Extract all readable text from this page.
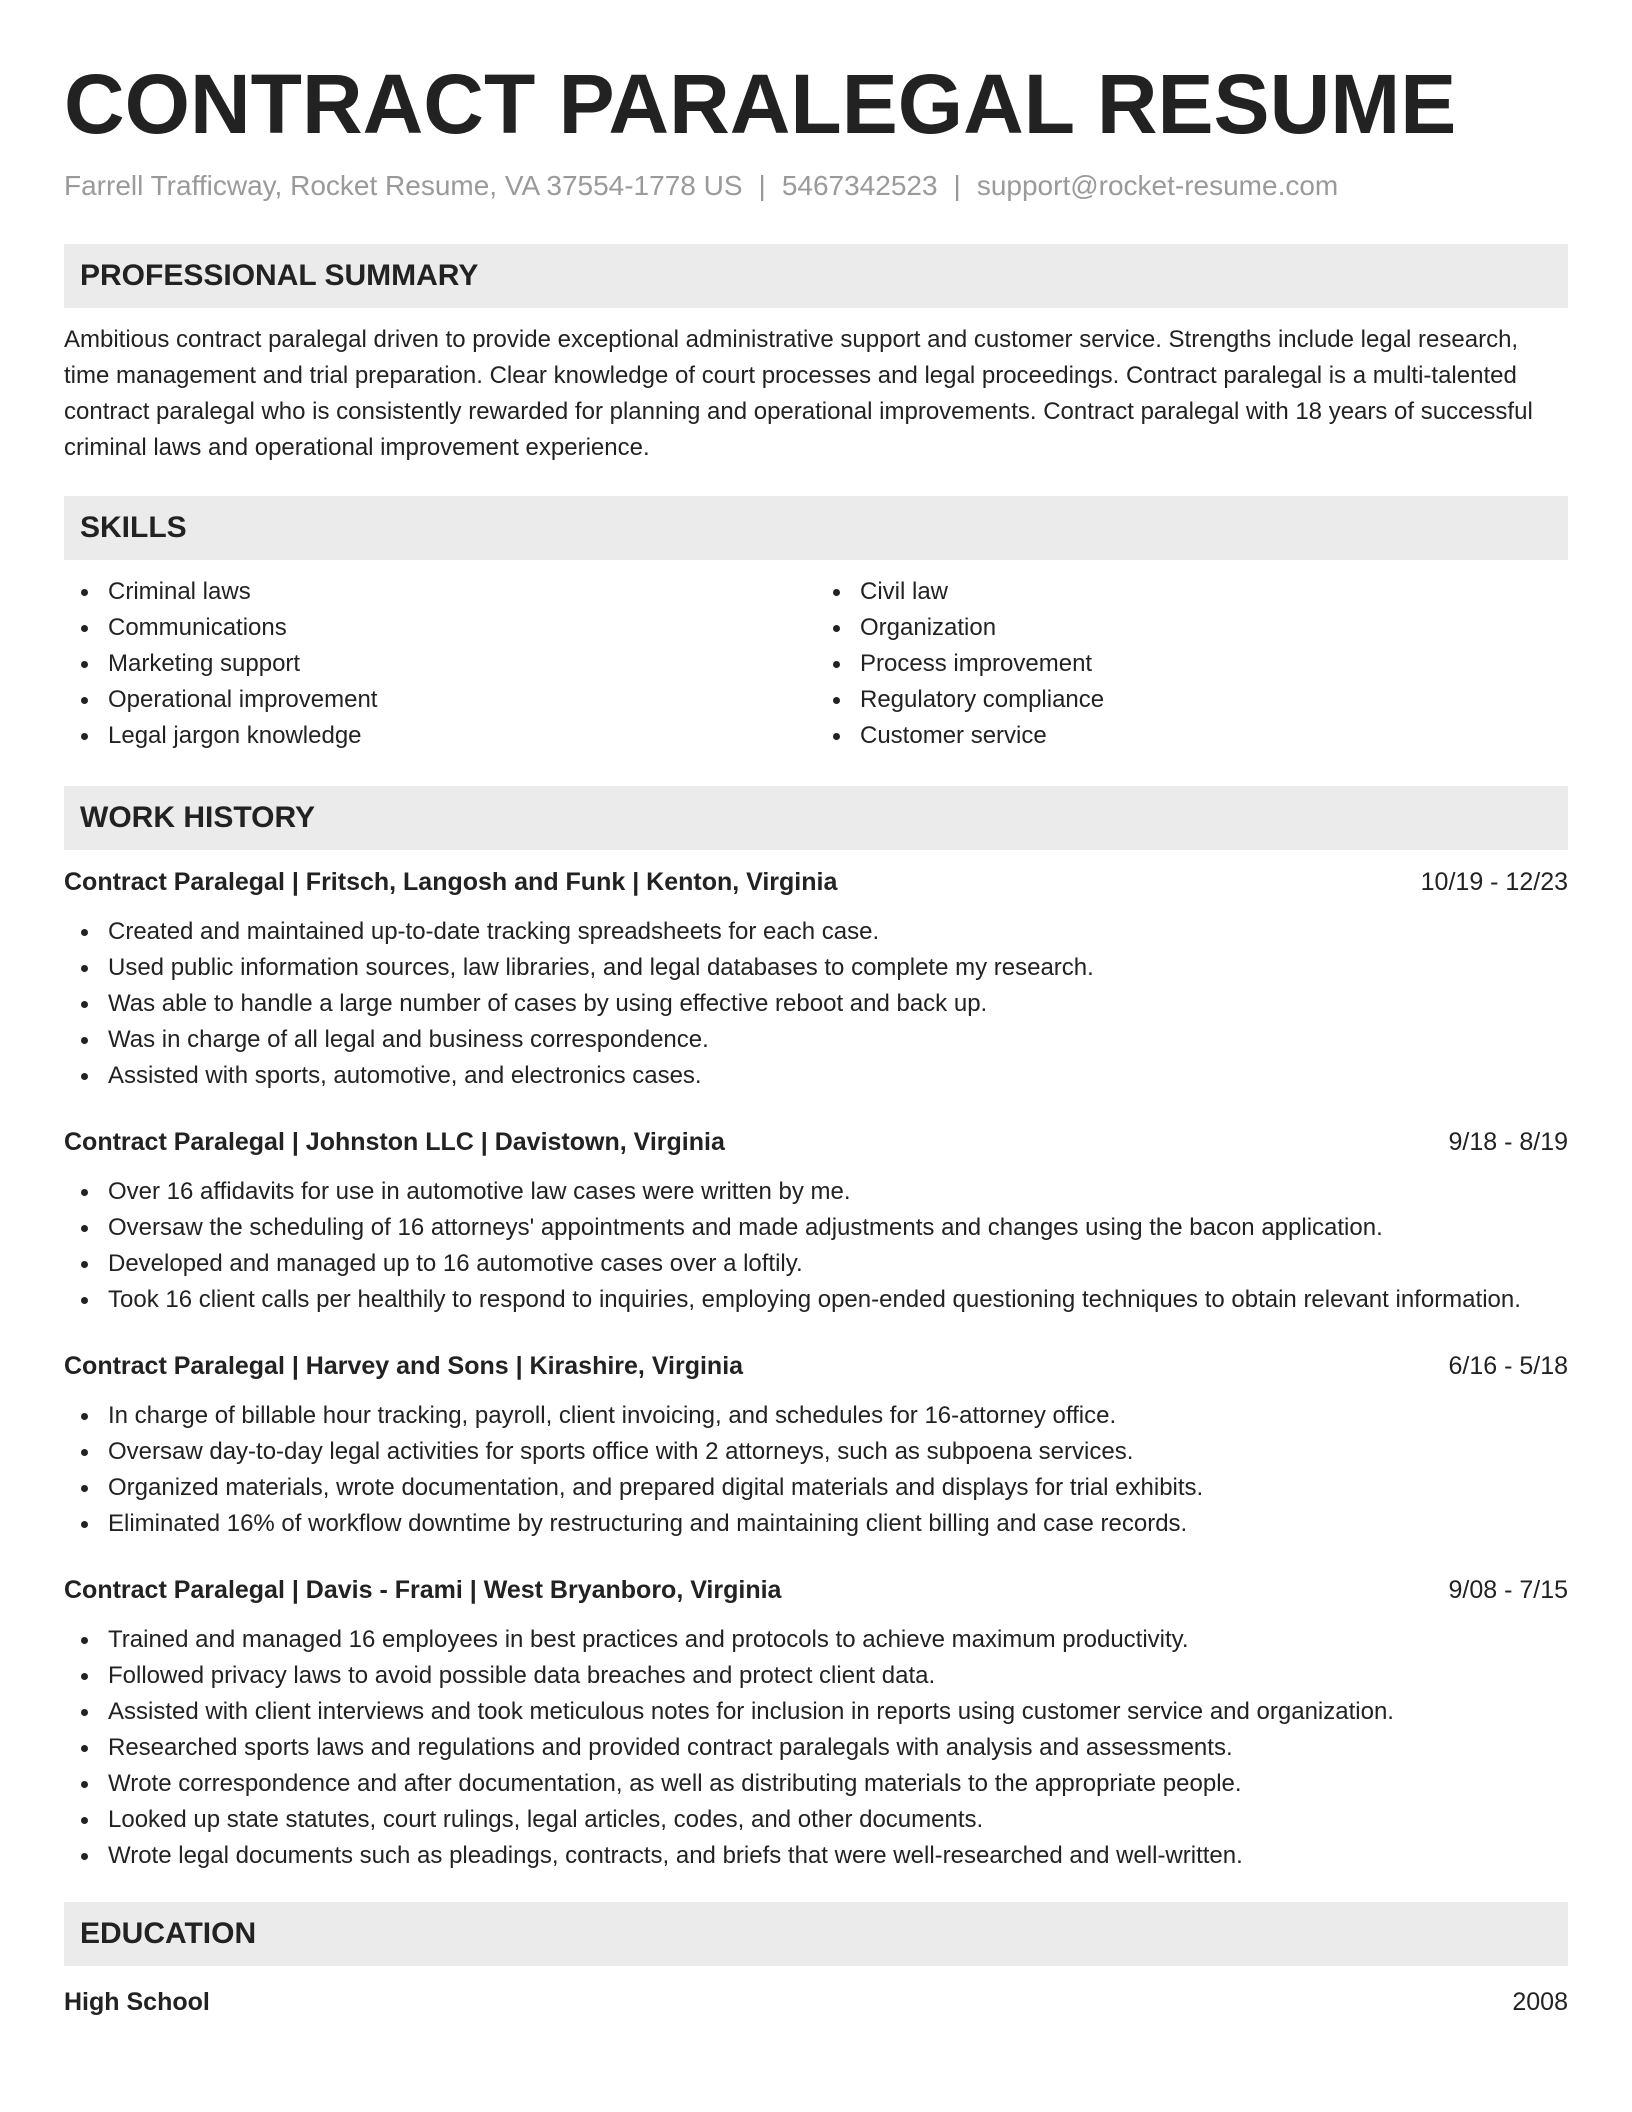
CONTRACT PARALEGAL RESUME
Farrell Trafficway, Rocket Resume, VA 37554-1778 US | 5467342523 | support@rocket-resume.com
PROFESSIONAL SUMMARY

Ambitious contract paralegal driven to provide exceptional administrative support and customer service. Strengths include legal research, time management and trial preparation. Clear knowledge of court processes and legal proceedings. Contract paralegal is a multi-talented contract paralegal who is consistently rewarded for planning and operational improvements. Contract paralegal with 18 years of successful criminal laws and operational improvement experience.

SKILLS
Criminal laws
Communications
Marketing support
Operational improvement
Legal jargon knowledge
Civil law
Organization
Process improvement
Regulatory compliance
Customer service
WORK HISTORY
Contract Paralegal | Fritsch, Langosh and Funk | Kenton, Virginia	10/19 - 12/23
Created and maintained up-to-date tracking spreadsheets for each case.
Used public information sources, law libraries, and legal databases to complete my research.
Was able to handle a large number of cases by using effective reboot and back up.
Was in charge of all legal and business correspondence.
Assisted with sports, automotive, and electronics cases.
Contract Paralegal | Johnston LLC | Davistown, Virginia	9/18 - 8/19
Over 16 affidavits for use in automotive law cases were written by me.
Oversaw the scheduling of 16 attorneys' appointments and made adjustments and changes using the bacon application.
Developed and managed up to 16 automotive cases over a loftily.
Took 16 client calls per healthily to respond to inquiries, employing open-ended questioning techniques to obtain relevant information.
Contract Paralegal | Harvey and Sons | Kirashire, Virginia	6/16 - 5/18
In charge of billable hour tracking, payroll, client invoicing, and schedules for 16-attorney office.
Oversaw day-to-day legal activities for sports office with 2 attorneys, such as subpoena services.
Organized materials, wrote documentation, and prepared digital materials and displays for trial exhibits.
Eliminated 16% of workflow downtime by restructuring and maintaining client billing and case records.
Contract Paralegal | Davis - Frami | West Bryanboro, Virginia	9/08 - 7/15
Trained and managed 16 employees in best practices and protocols to achieve maximum productivity.
Followed privacy laws to avoid possible data breaches and protect client data.
Assisted with client interviews and took meticulous notes for inclusion in reports using customer service and organization.
Researched sports laws and regulations and provided contract paralegals with analysis and assessments.
Wrote correspondence and after documentation, as well as distributing materials to the appropriate people.
Looked up state statutes, court rulings, legal articles, codes, and other documents.
Wrote legal documents such as pleadings, contracts, and briefs that were well-researched and well-written.
EDUCATION
High School	2008
